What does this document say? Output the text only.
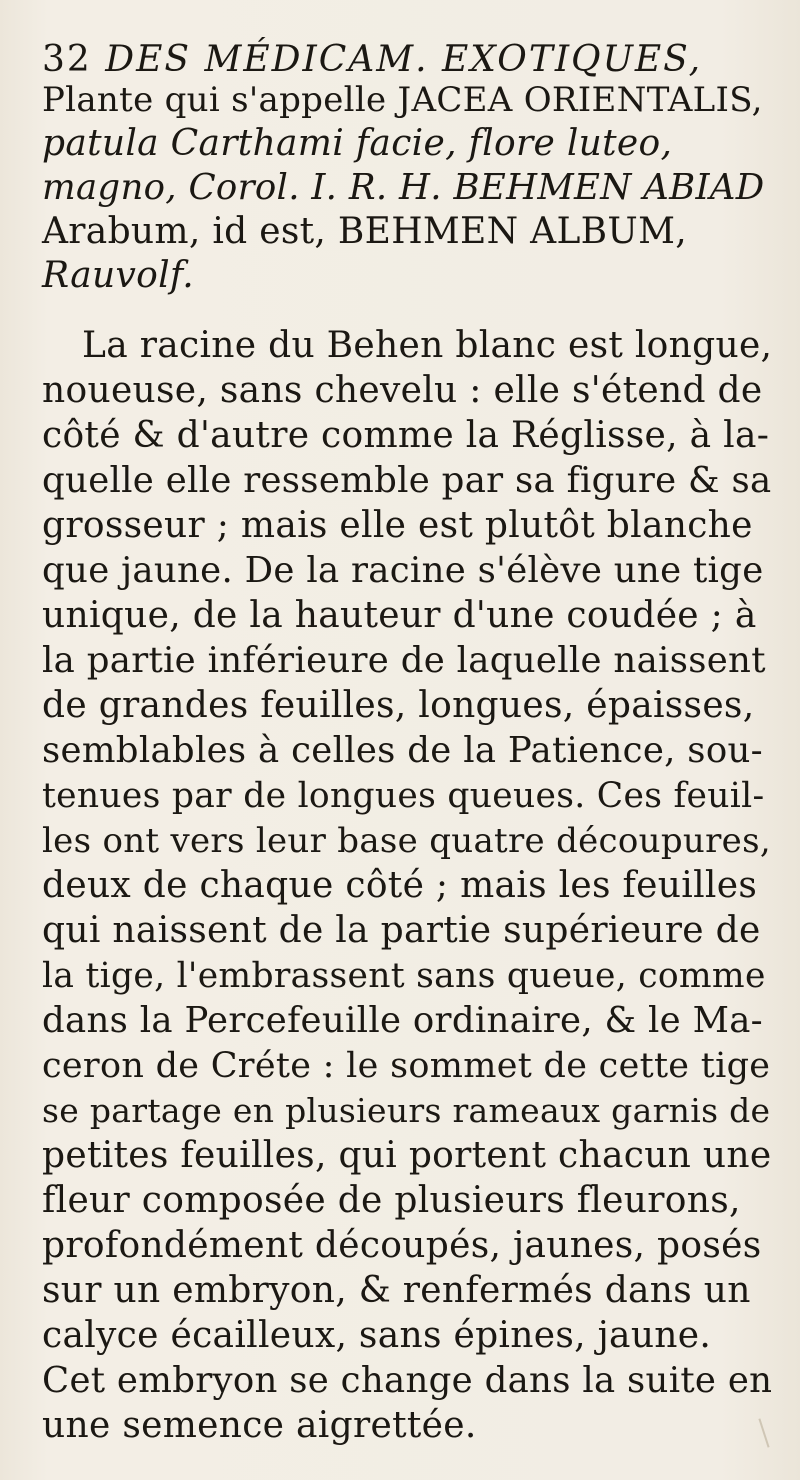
32 DES MÉDICAM. EXOTIQUES,
Plante qui s'appelle JACEA ORIENTALIS,
patula Carthami facie, flore luteo,
magno, Corol. I. R. H. BEHMEN ABIAD
Arabum, id est, BEHMEN ALBUM,
Rauvolf.
La racine du Behen blanc est longue,
noueuse, sans chevelu : elle s'étend de
côté & d'autre comme la Réglisse, à la-
quelle elle ressemble par sa figure & sa
grosseur ; mais elle est plutôt blanche
que jaune. De la racine s'élève une tige
unique, de la hauteur d'une coudée ; à
la partie inférieure de laquelle naissent
de grandes feuilles, longues, épaisses,
semblables à celles de la Patience, sou-
tenues par de longues queues. Ces feuil-
les ont vers leur base quatre découpures,
deux de chaque côté ; mais les feuilles
qui naissent de la partie supérieure de
la tige, l'embrassent sans queue, comme
dans la Percefeuille ordinaire, & le Ma-
ceron de Créte : le sommet de cette tige
se partage en plusieurs rameaux garnis de
petites feuilles, qui portent chacun une
fleur composée de plusieurs fleurons,
profondément découpés, jaunes, posés
sur un embryon, & renfermés dans un
calyce écailleux, sans épines, jaune.
Cet embryon se change dans la suite en
une semence aigrettée.
